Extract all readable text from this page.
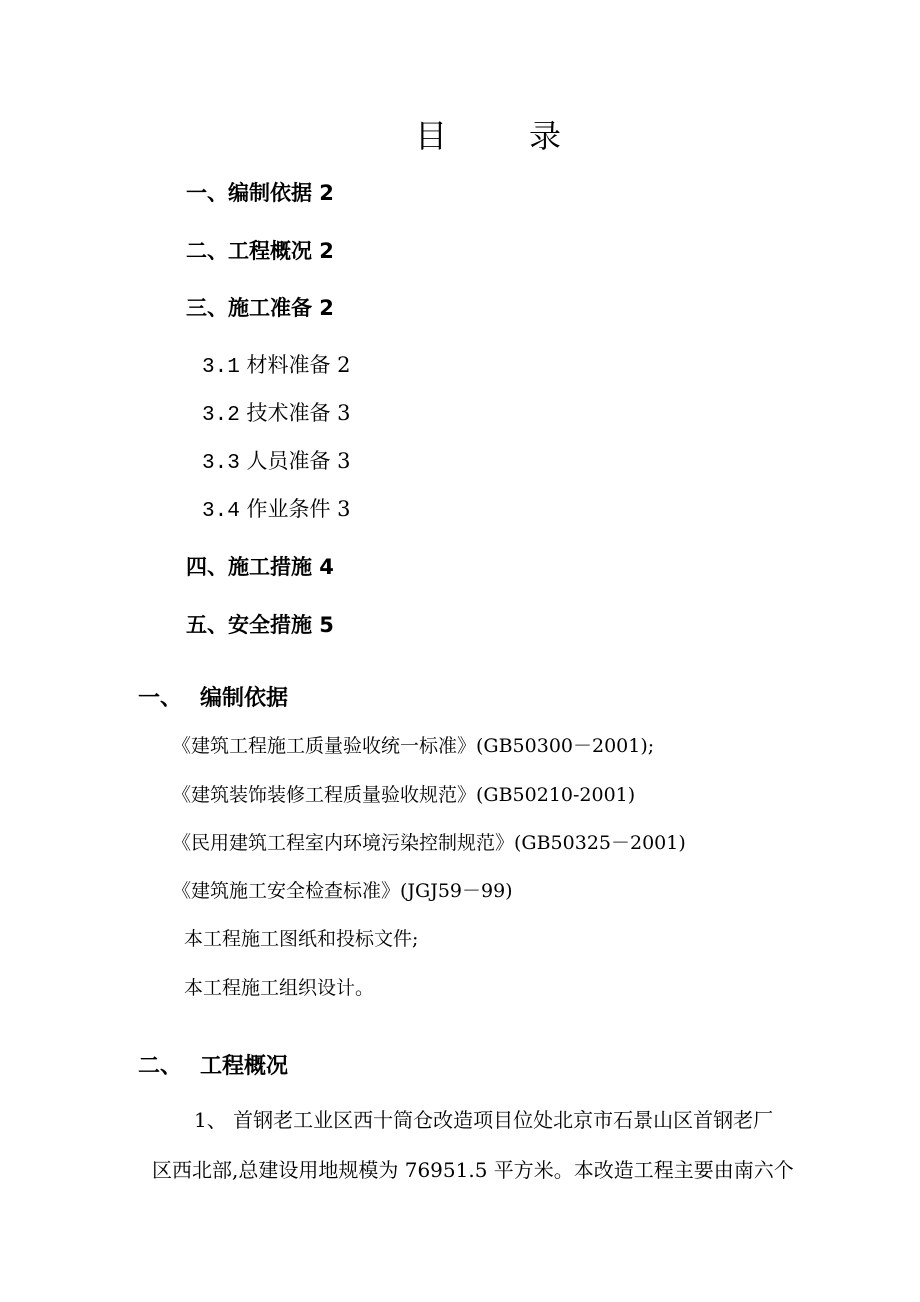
目录
一、编制依据 2
二、工程概况 2
三、施工准备 2
3.1 材料准备 2
3.2 技术准备 3
3.3 人员准备 3
3.4 作业条件 3
四、施工措施 4
五、安全措施 5
一、 编制依据
《建筑工程施工质量验收统一标准》(GB50300－2001);
《建筑装饰装修工程质量验收规范》(GB50210-2001)
《民用建筑工程室内环境污染控制规范》(GB50325－2001)
《建筑施工安全检查标准》(JGJ59－99)
本工程施工图纸和投标文件;
本工程施工组织设计。
二、 工程概况
1、 首钢老工业区西十筒仓改造项目位处北京市石景山区首钢老厂
区西北部,总建设用地规模为 76951.5 平方米。本改造工程主要由南六个
